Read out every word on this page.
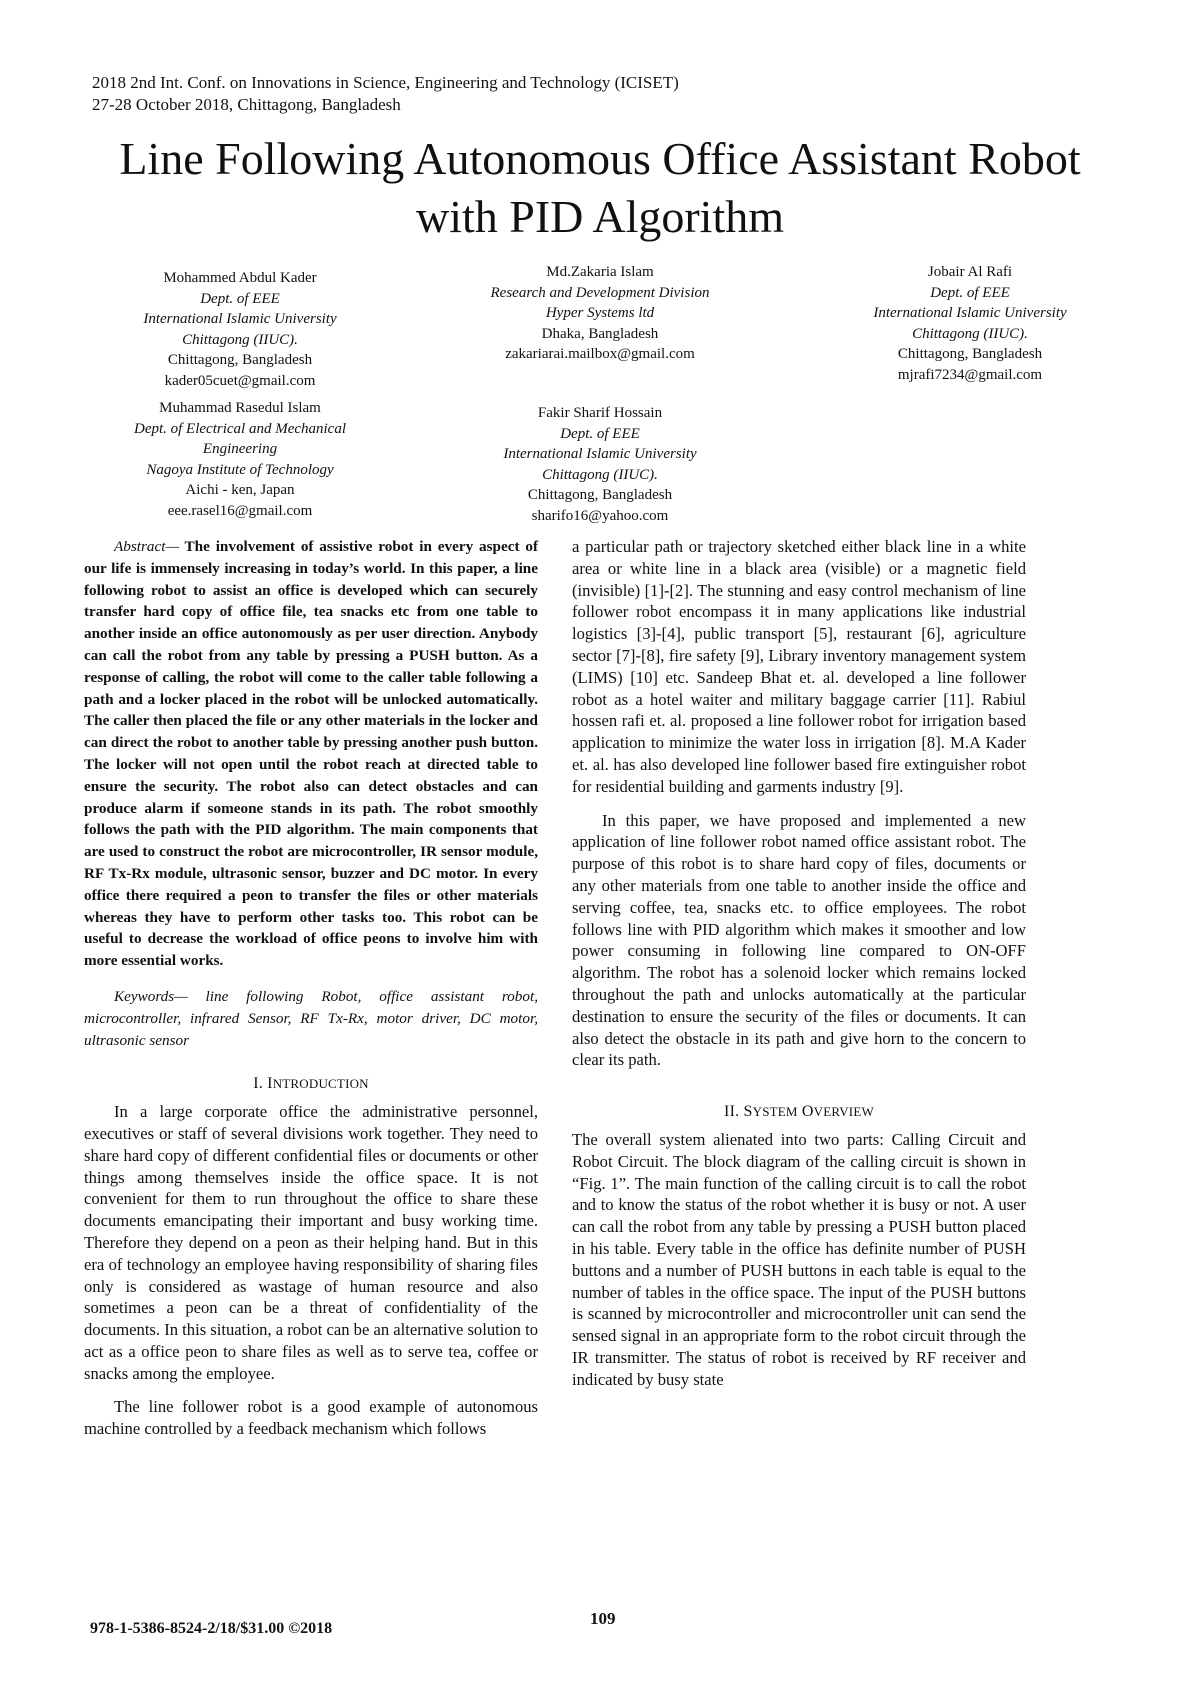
2018 2nd Int. Conf. on Innovations in Science, Engineering and Technology (ICISET)
27-28 October 2018, Chittagong, Bangladesh
Line Following Autonomous Office Assistant Robot
with PID Algorithm
Mohammed Abdul Kader
Dept. of EEE
International Islamic University
Chittagong (IIUC).
Chittagong, Bangladesh
kader05cuet@gmail.com
Md.Zakaria Islam
Research and Development Division
Hyper Systems ltd
Dhaka, Bangladesh
zakariarai.mailbox@gmail.com
Jobair Al Rafi
Dept. of EEE
International Islamic University
Chittagong (IIUC).
Chittagong, Bangladesh
mjrafi7234@gmail.com
Muhammad Rasedul Islam
Dept. of Electrical and Mechanical
Engineering
Nagoya Institute of Technology
Aichi - ken, Japan
eee.rasel16@gmail.com
Fakir Sharif Hossain
Dept. of EEE
International Islamic University
Chittagong (IIUC).
Chittagong, Bangladesh
sharifo16@yahoo.com

Abstract— The involvement of assistive robot in every aspect of our life is immensely increasing in today’s world. In this paper, a line following robot to assist an office is developed which can securely transfer hard copy of office file, tea snacks etc from one table to another inside an office autonomously as per user direction. Anybody can call the robot from any table by pressing a PUSH button. As a response of calling, the robot will come to the caller table following a path and a locker placed in the robot will be unlocked automatically. The caller then placed the file or any other materials in the locker and can direct the robot to another table by pressing another push button. The locker will not open until the robot reach at directed table to ensure the security. The robot also can detect obstacles and can produce alarm if someone stands in its path. The robot smoothly follows the path with the PID algorithm. The main components that are used to construct the robot are microcontroller, IR sensor module, RF Tx-Rx module, ultrasonic sensor, buzzer and DC motor. In every office there required a peon to transfer the files or other materials whereas they have to perform other tasks too. This robot can be useful to decrease the workload of office peons to involve him with more essential works.

Keywords— line following Robot, office assistant robot, microcontroller, infrared Sensor, RF Tx-Rx, motor driver, DC motor, ultrasonic sensor

I. INTRODUCTION

In a large corporate office the administrative personnel, executives or staff of several divisions work together. They need to share hard copy of different confidential files or documents or other things among themselves inside the office space. It is not convenient for them to run throughout the office to share these documents emancipating their important and busy working time. Therefore they depend on a peon as their helping hand. But in this era of technology an employee having responsibility of sharing files only is considered as wastage of human resource and also sometimes a peon can be a threat of confidentiality of the documents. In this situation, a robot can be an alternative solution to act as a office peon to share files as well as to serve tea, coffee or snacks among the employee.

The line follower robot is a good example of autonomous machine controlled by a feedback mechanism which follows

a particular path or trajectory sketched either black line in a white area or white line in a black area (visible) or a magnetic field (invisible) [1]-[2]. The stunning and easy control mechanism of line follower robot encompass it in many applications like industrial logistics [3]-[4], public transport [5], restaurant [6], agriculture sector [7]-[8], fire safety [9], Library inventory management system (LIMS) [10] etc. Sandeep Bhat et. al. developed a line follower robot as a hotel waiter and military baggage carrier [11]. Rabiul hossen rafi et. al. proposed a line follower robot for irrigation based application to minimize the water loss in irrigation [8]. M.A Kader et. al. has also developed line follower based fire extinguisher robot for residential building and garments industry [9].

In this paper, we have proposed and implemented a new application of line follower robot named office assistant robot. The purpose of this robot is to share hard copy of files, documents or any other materials from one table to another inside the office and serving coffee, tea, snacks etc. to office employees. The robot follows line with PID algorithm which makes it smoother and low power consuming in following line compared to ON-OFF algorithm. The robot has a solenoid locker which remains locked throughout the path and unlocks automatically at the particular destination to ensure the security of the files or documents. It can also detect the obstacle in its path and give horn to the concern to clear its path.

II. SYSTEM OVERVIEW

The overall system alienated into two parts: Calling Circuit and Robot Circuit. The block diagram of the calling circuit is shown in “Fig. 1”. The main function of the calling circuit is to call the robot and to know the status of the robot whether it is busy or not. A user can call the robot from any table by pressing a PUSH button placed in his table. Every table in the office has definite number of PUSH buttons and a number of PUSH buttons in each table is equal to the number of tables in the office space. The input of the PUSH buttons is scanned by microcontroller and microcontroller unit can send the sensed signal in an appropriate form to the robot circuit through the IR transmitter. The status of robot is received by RF receiver and indicated by busy state

978-1-5386-8524-2/18/$31.00 ©2018
109
